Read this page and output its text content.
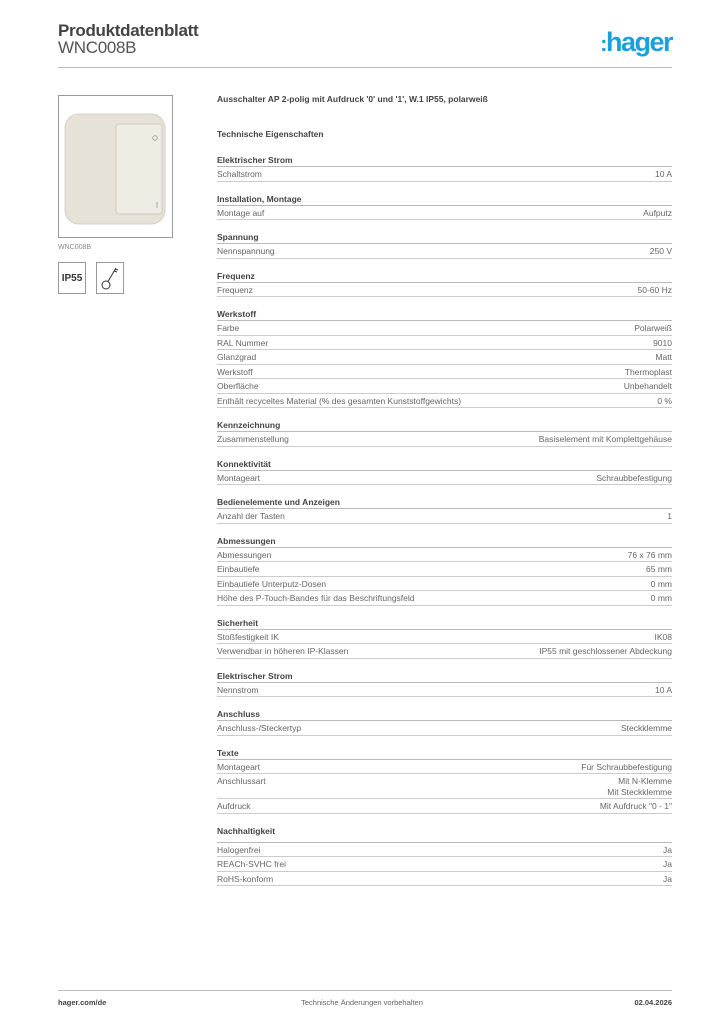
Produktdatenblatt
WNC008B	:hager
WNC008B
IP55
Ausschalter AP 2-polig mit Aufdruck '0' und '1', W.1 IP55, polarweiß
Technische Eigenschaften
Elektrischer Strom
Schaltstrom	10 A
Installation, Montage
Montage auf	Aufputz
Spannung
Nennspannung	250 V
Frequenz
Frequenz	50-60 Hz
Werkstoff
Farbe	Polarweiß
RAL Nummer	9010
Glanzgrad	Matt
Werkstoff	Thermoplast
Oberfläche	Unbehandelt
Enthält recyceltes Material (% des gesamten Kunststoffgewichts)	0 %
Kennzeichnung
Zusammenstellung	Basiselement mit Komplettgehäuse
Konnektivität
Montageart	Schraubbefestigung
Bedienelemente und Anzeigen
Anzahl der Tasten	1
Abmessungen
Abmessungen	76 x 76 mm
Einbautiefe	65 mm
Einbautiefe Unterputz-Dosen	0 mm
Höhe des P-Touch-Bandes für das Beschriftungsfeld	0 mm
Sicherheit
Stoßfestigkeit IK	IK08
Verwendbar in höheren IP-Klassen	IP55 mit geschlossener Abdeckung
Elektrischer Strom
Nennstrom	10 A
Anschluss
Anschluss-/Steckertyp	Steckklemme
Texte
Montageart	Für Schraubbefestigung
Anschlussart	Mit N-Klemme
Mit Steckklemme
Aufdruck	Mit Aufdruck "0 - 1"
Nachhaltigkeit
Halogenfrei	Ja
REACh-SVHC frei	Ja
RoHS-konform	Ja
Technische Änderungen vorbehalten
hager.com/de	02.04.2026
